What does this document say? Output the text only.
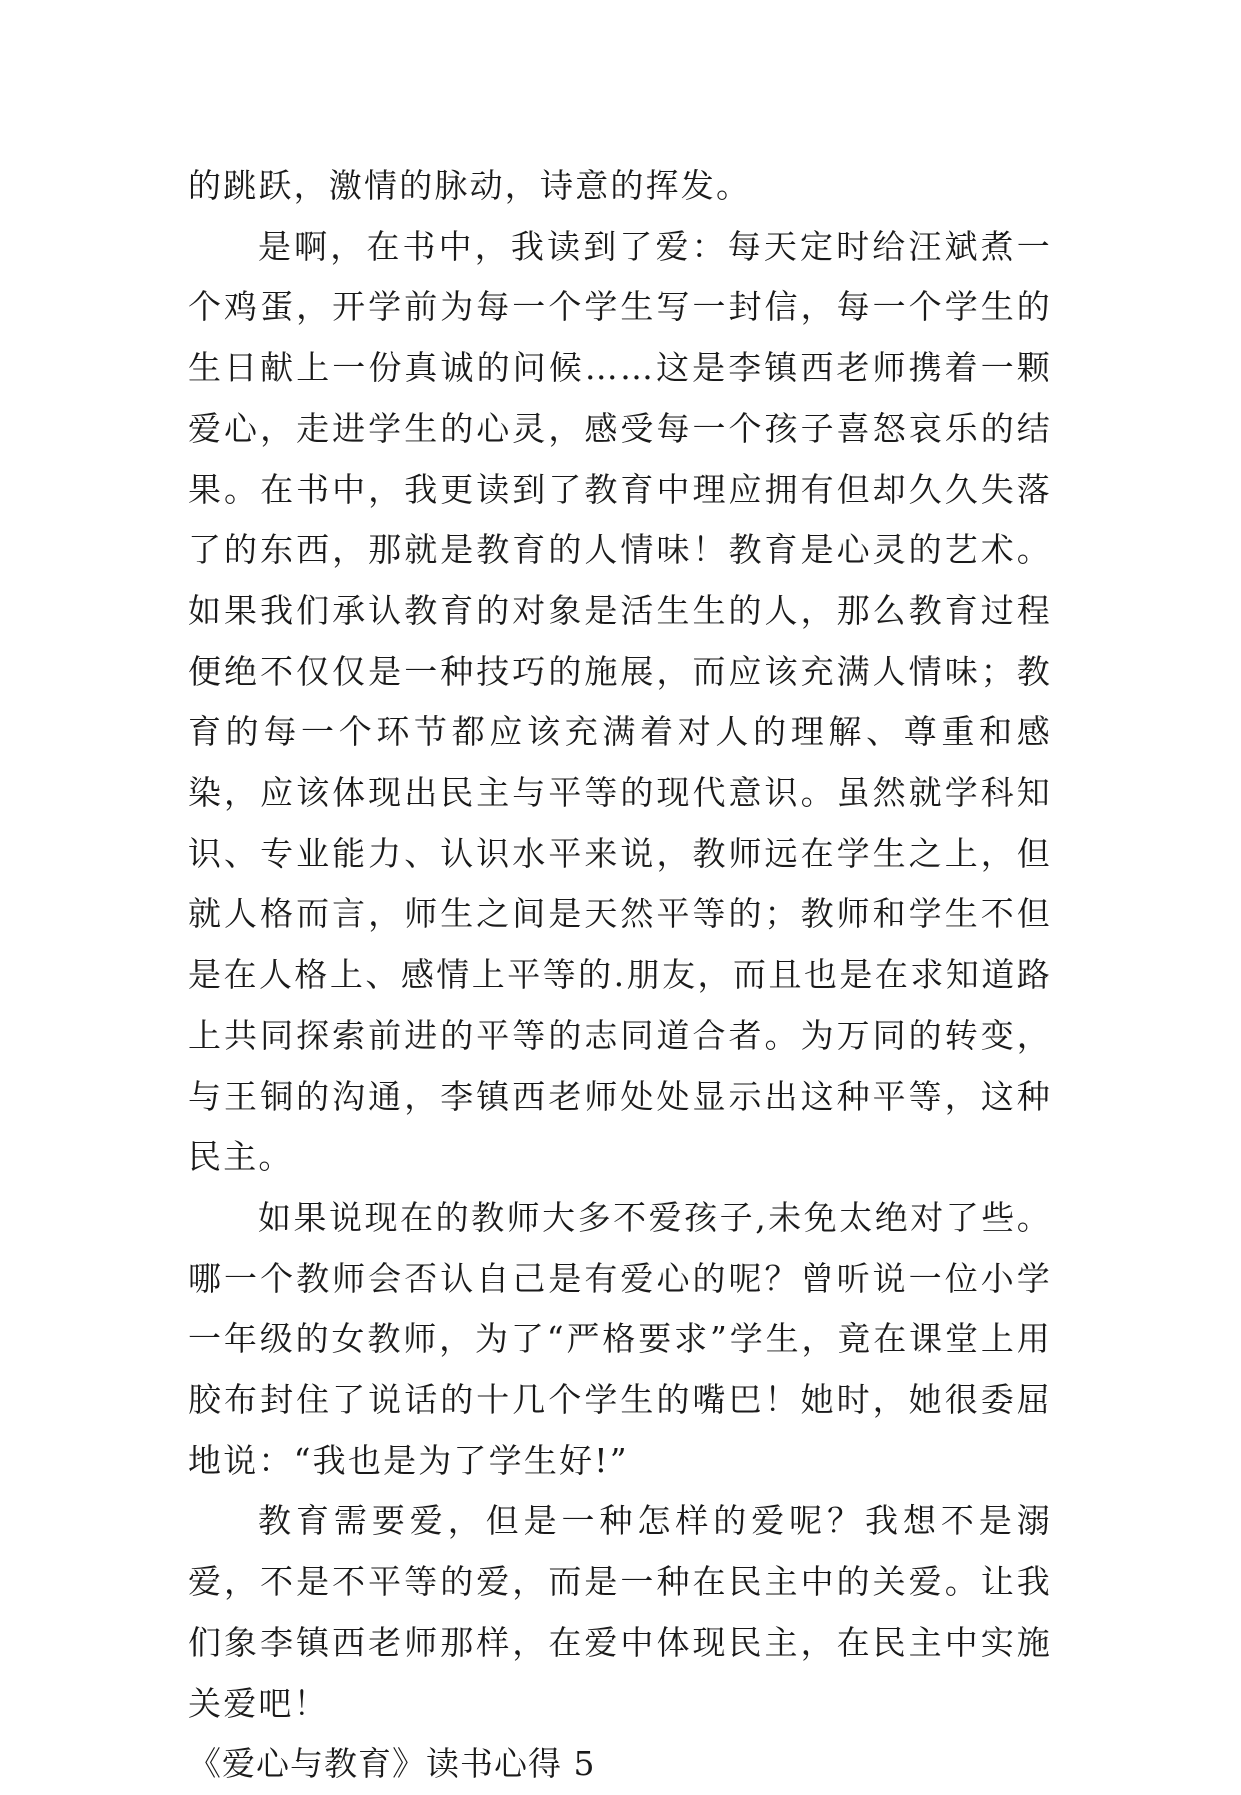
的跳跃，激情的脉动，诗意的挥发。

是啊，在书中，我读到了爱：每天定时给汪斌煮一个鸡蛋，开学前为每一个学生写一封信，每一个学生的生日献上一份真诚的问候……这是李镇西老师携着一颗爱心，走进学生的心灵，感受每一个孩子喜怒哀乐的结果。在书中，我更读到了教育中理应拥有但却久久失落了的东西，那就是教育的人情味！教育是心灵的艺术。如果我们承认教育的对象是活生生的人，那么教育过程便绝不仅仅是一种技巧的施展，而应该充满人情味；教育的每一个环节都应该充满着对人的理解、尊重和感染，应该体现出民主与平等的现代意识。虽然就学科知识、专业能力、认识水平来说，教师远在学生之上，但就人格而言，师生之间是天然平等的；教师和学生不但是在人格上、感情上平等的.朋友，而且也是在求知道路上共同探索前进的平等的志同道合者。为万同的转变，与王铜的沟通，李镇西老师处处显示出这种平等，这种民主。

如果说现在的教师大多不爱孩子,未免太绝对了些。哪一个教师会否认自己是有爱心的呢？曾听说一位小学一年级的女教师，为了“严格要求”学生，竟在课堂上用胶布封住了说话的十几个学生的嘴巴！她时，她很委屈地说：“我也是为了学生好!”

教育需要爱，但是一种怎样的爱呢？我想不是溺爱，不是不平等的爱，而是一种在民主中的关爱。让我们象李镇西老师那样，在爱中体现民主，在民主中实施关爱吧！

《爱心与教育》读书心得 5
